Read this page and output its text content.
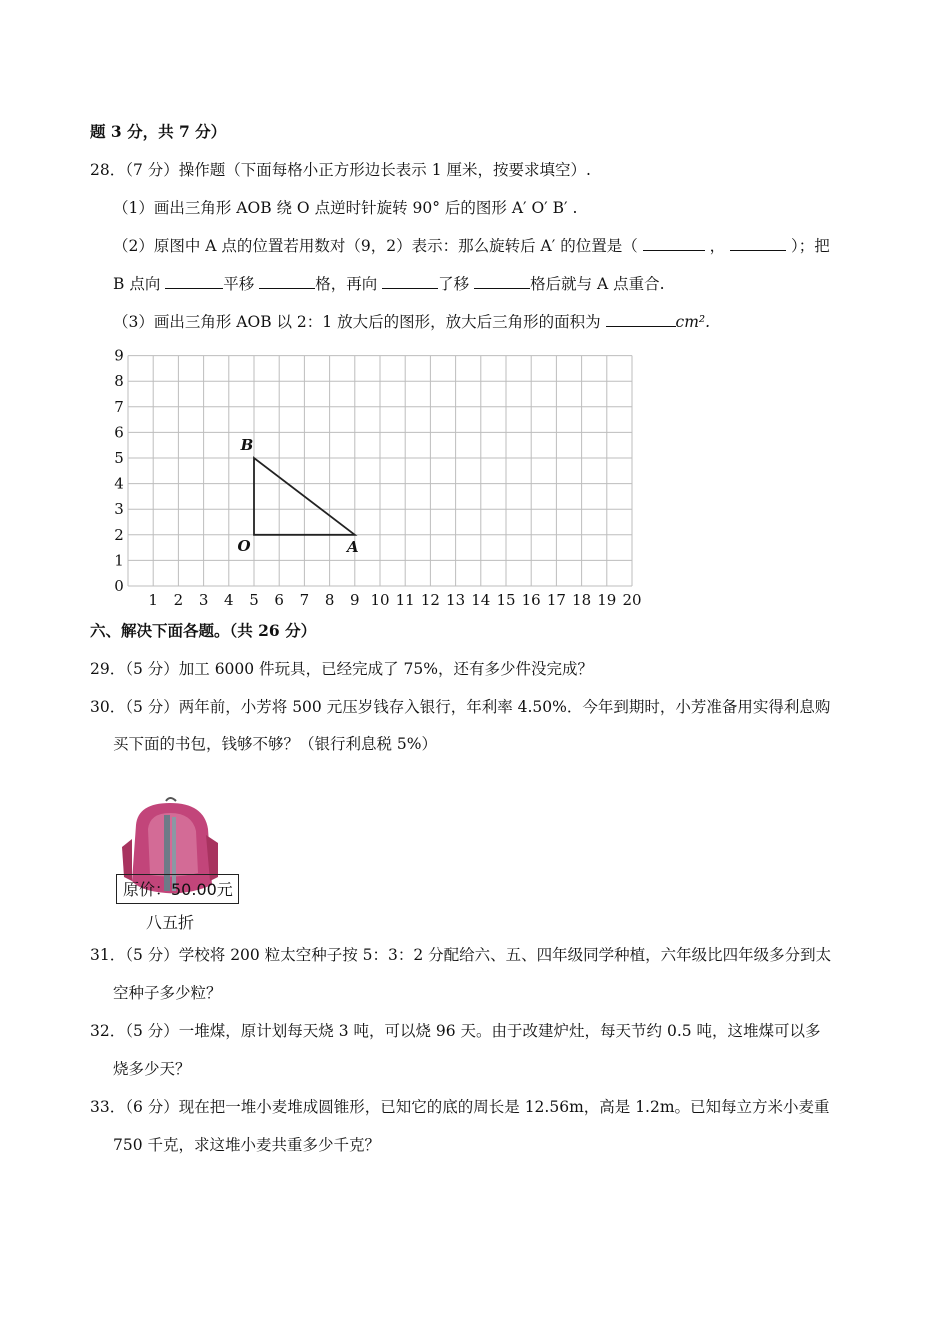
题 3 分，共 7 分）
28．（7 分）操作题（下面每格小正方形边长表示 1 厘米，按要求填空）.
（1）画出三角形 AOB 绕 O 点逆时针旋转 90° 后的图形 A′ O′ B′ .
（2）原图中 A 点的位置若用数对（9，2）表示：那么旋转后 A′ 的位置是（	，	）；把
B 点向	平移	格，再向	了移	格后就与 A 点重合.
（3）画出三角形 AOB 以 2：1 放大后的图形，放大后三角形的面积为	cm².
1 2 3 4 5 6 7 8 9 10 11 12 13 14 15 16 17 18 19 20
0
1
2
3
4
5
6
7
8
9
B
O	A
六、解决下面各题。（共 26 分）
29．（5 分）加工 6000 件玩具，已经完成了 75%，还有多少件没完成？
30．（5 分）两年前，小芳将 500 元压岁钱存入银行，年利率 4.50%．今年到期时，小芳准备用实得利息购
买下面的书包，钱够不够？（银行利息税 5%）
原价：50.00元
八五折
31．（5 分）学校将 200 粒太空种子按 5：3：2 分配给六、五、四年级同学种植，六年级比四年级多分到太
空种子多少粒？
32．（5 分）一堆煤，原计划每天烧 3 吨，可以烧 96 天。由于改建炉灶，每天节约 0.5 吨，这堆煤可以多
烧多少天？
33．（6 分）现在把一堆小麦堆成圆锥形，已知它的底的周长是 12.56m，高是 1.2m。已知每立方米小麦重
750 千克，求这堆小麦共重多少千克？
